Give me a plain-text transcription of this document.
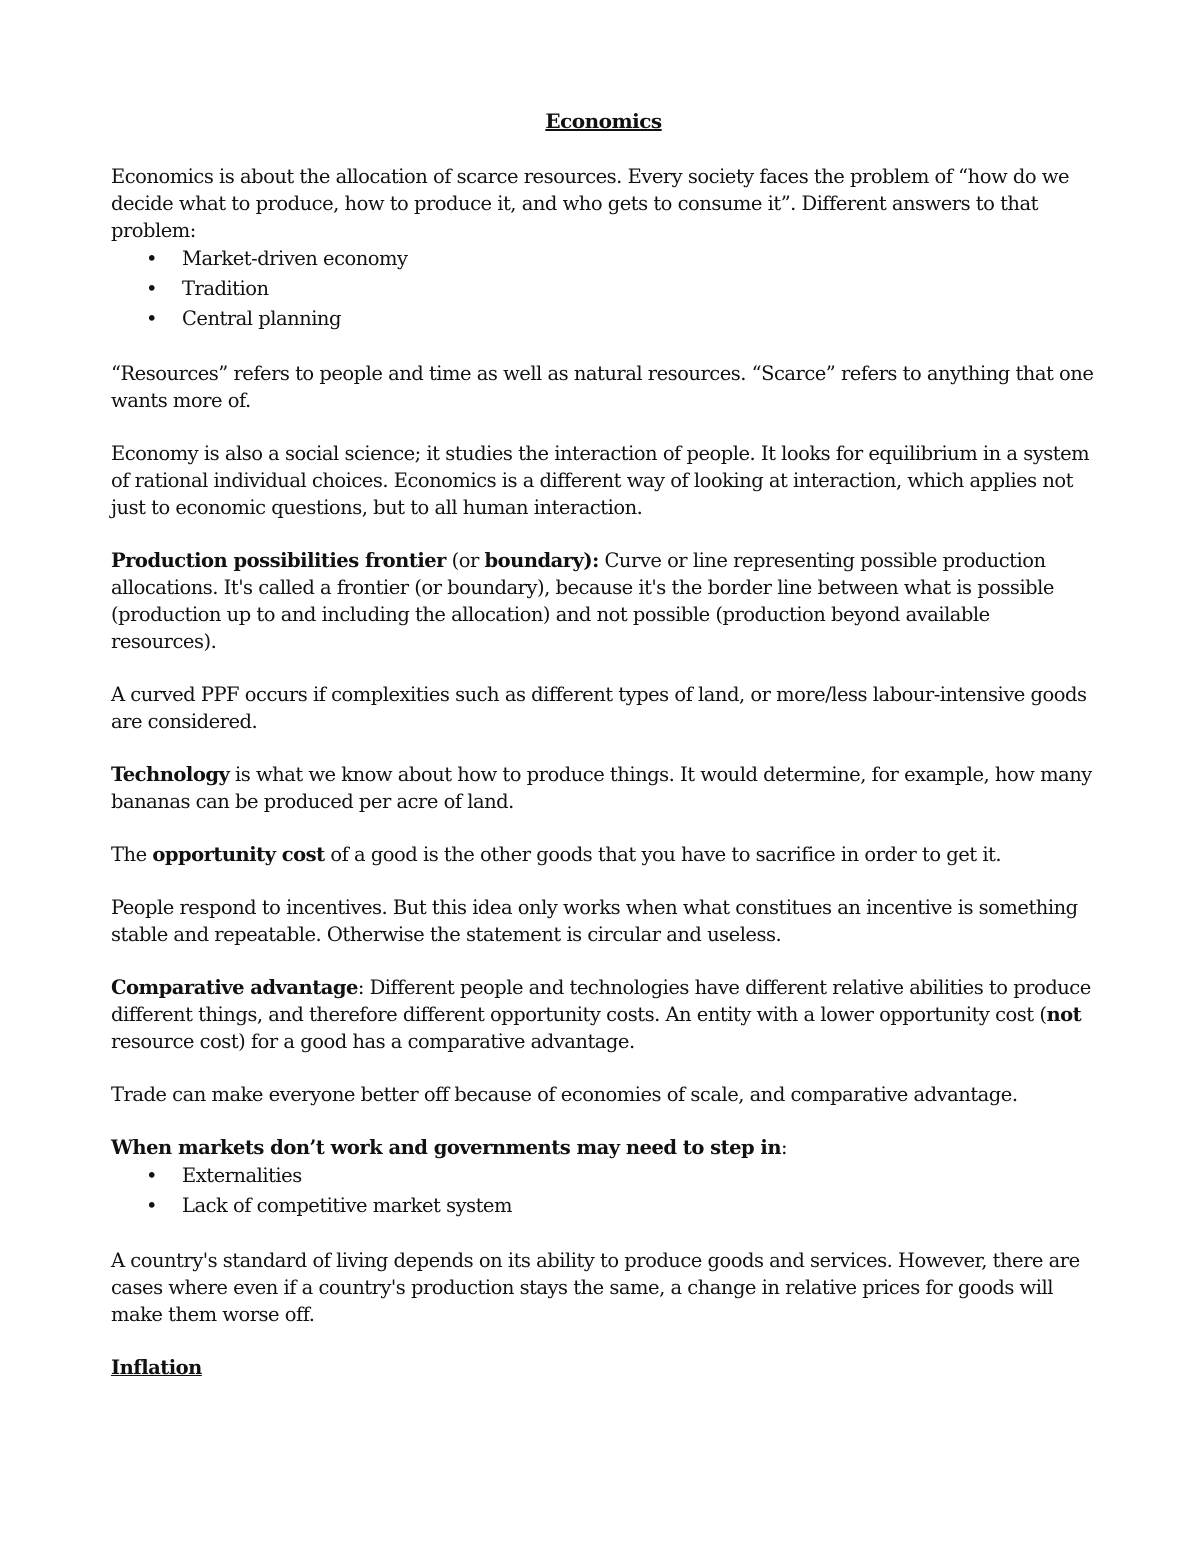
Economics

Economics is about the allocation of scarce resources. Every society faces the problem of “how do we decide what to produce, how to produce it, and who gets to consume it”. Different answers to that problem:

• Market-driven economy
• Tradition
• Central planning

“Resources” refers to people and time as well as natural resources. “Scarce” refers to anything that one wants more of.

Economy is also a social science; it studies the interaction of people. It looks for equilibrium in a system of rational individual choices. Economics is a different way of looking at interaction, which applies not just to economic questions, but to all human interaction.

Production possibilities frontier (or boundary): Curve or line representing possible production allocations. It's called a frontier (or boundary), because it's the border line between what is possible (production up to and including the allocation) and not possible (production beyond available resources).

A curved PPF occurs if complexities such as different types of land, or more/less labour-intensive goods are considered.

Technology is what we know about how to produce things. It would determine, for example, how many bananas can be produced per acre of land.

The opportunity cost of a good is the other goods that you have to sacrifice in order to get it.

People respond to incentives. But this idea only works when what constitues an incentive is something stable and repeatable. Otherwise the statement is circular and useless.

Comparative advantage: Different people and technologies have different relative abilities to produce different things, and therefore different opportunity costs. An entity with a lower opportunity cost (not resource cost) for a good has a comparative advantage.

Trade can make everyone better off because of economies of scale, and comparative advantage.

When markets don’t work and governments may need to step in:

• Externalities
• Lack of competitive market system

A country's standard of living depends on its ability to produce goods and services. However, there are cases where even if a country's production stays the same, a change in relative prices for goods will make them worse off.

Inflation
